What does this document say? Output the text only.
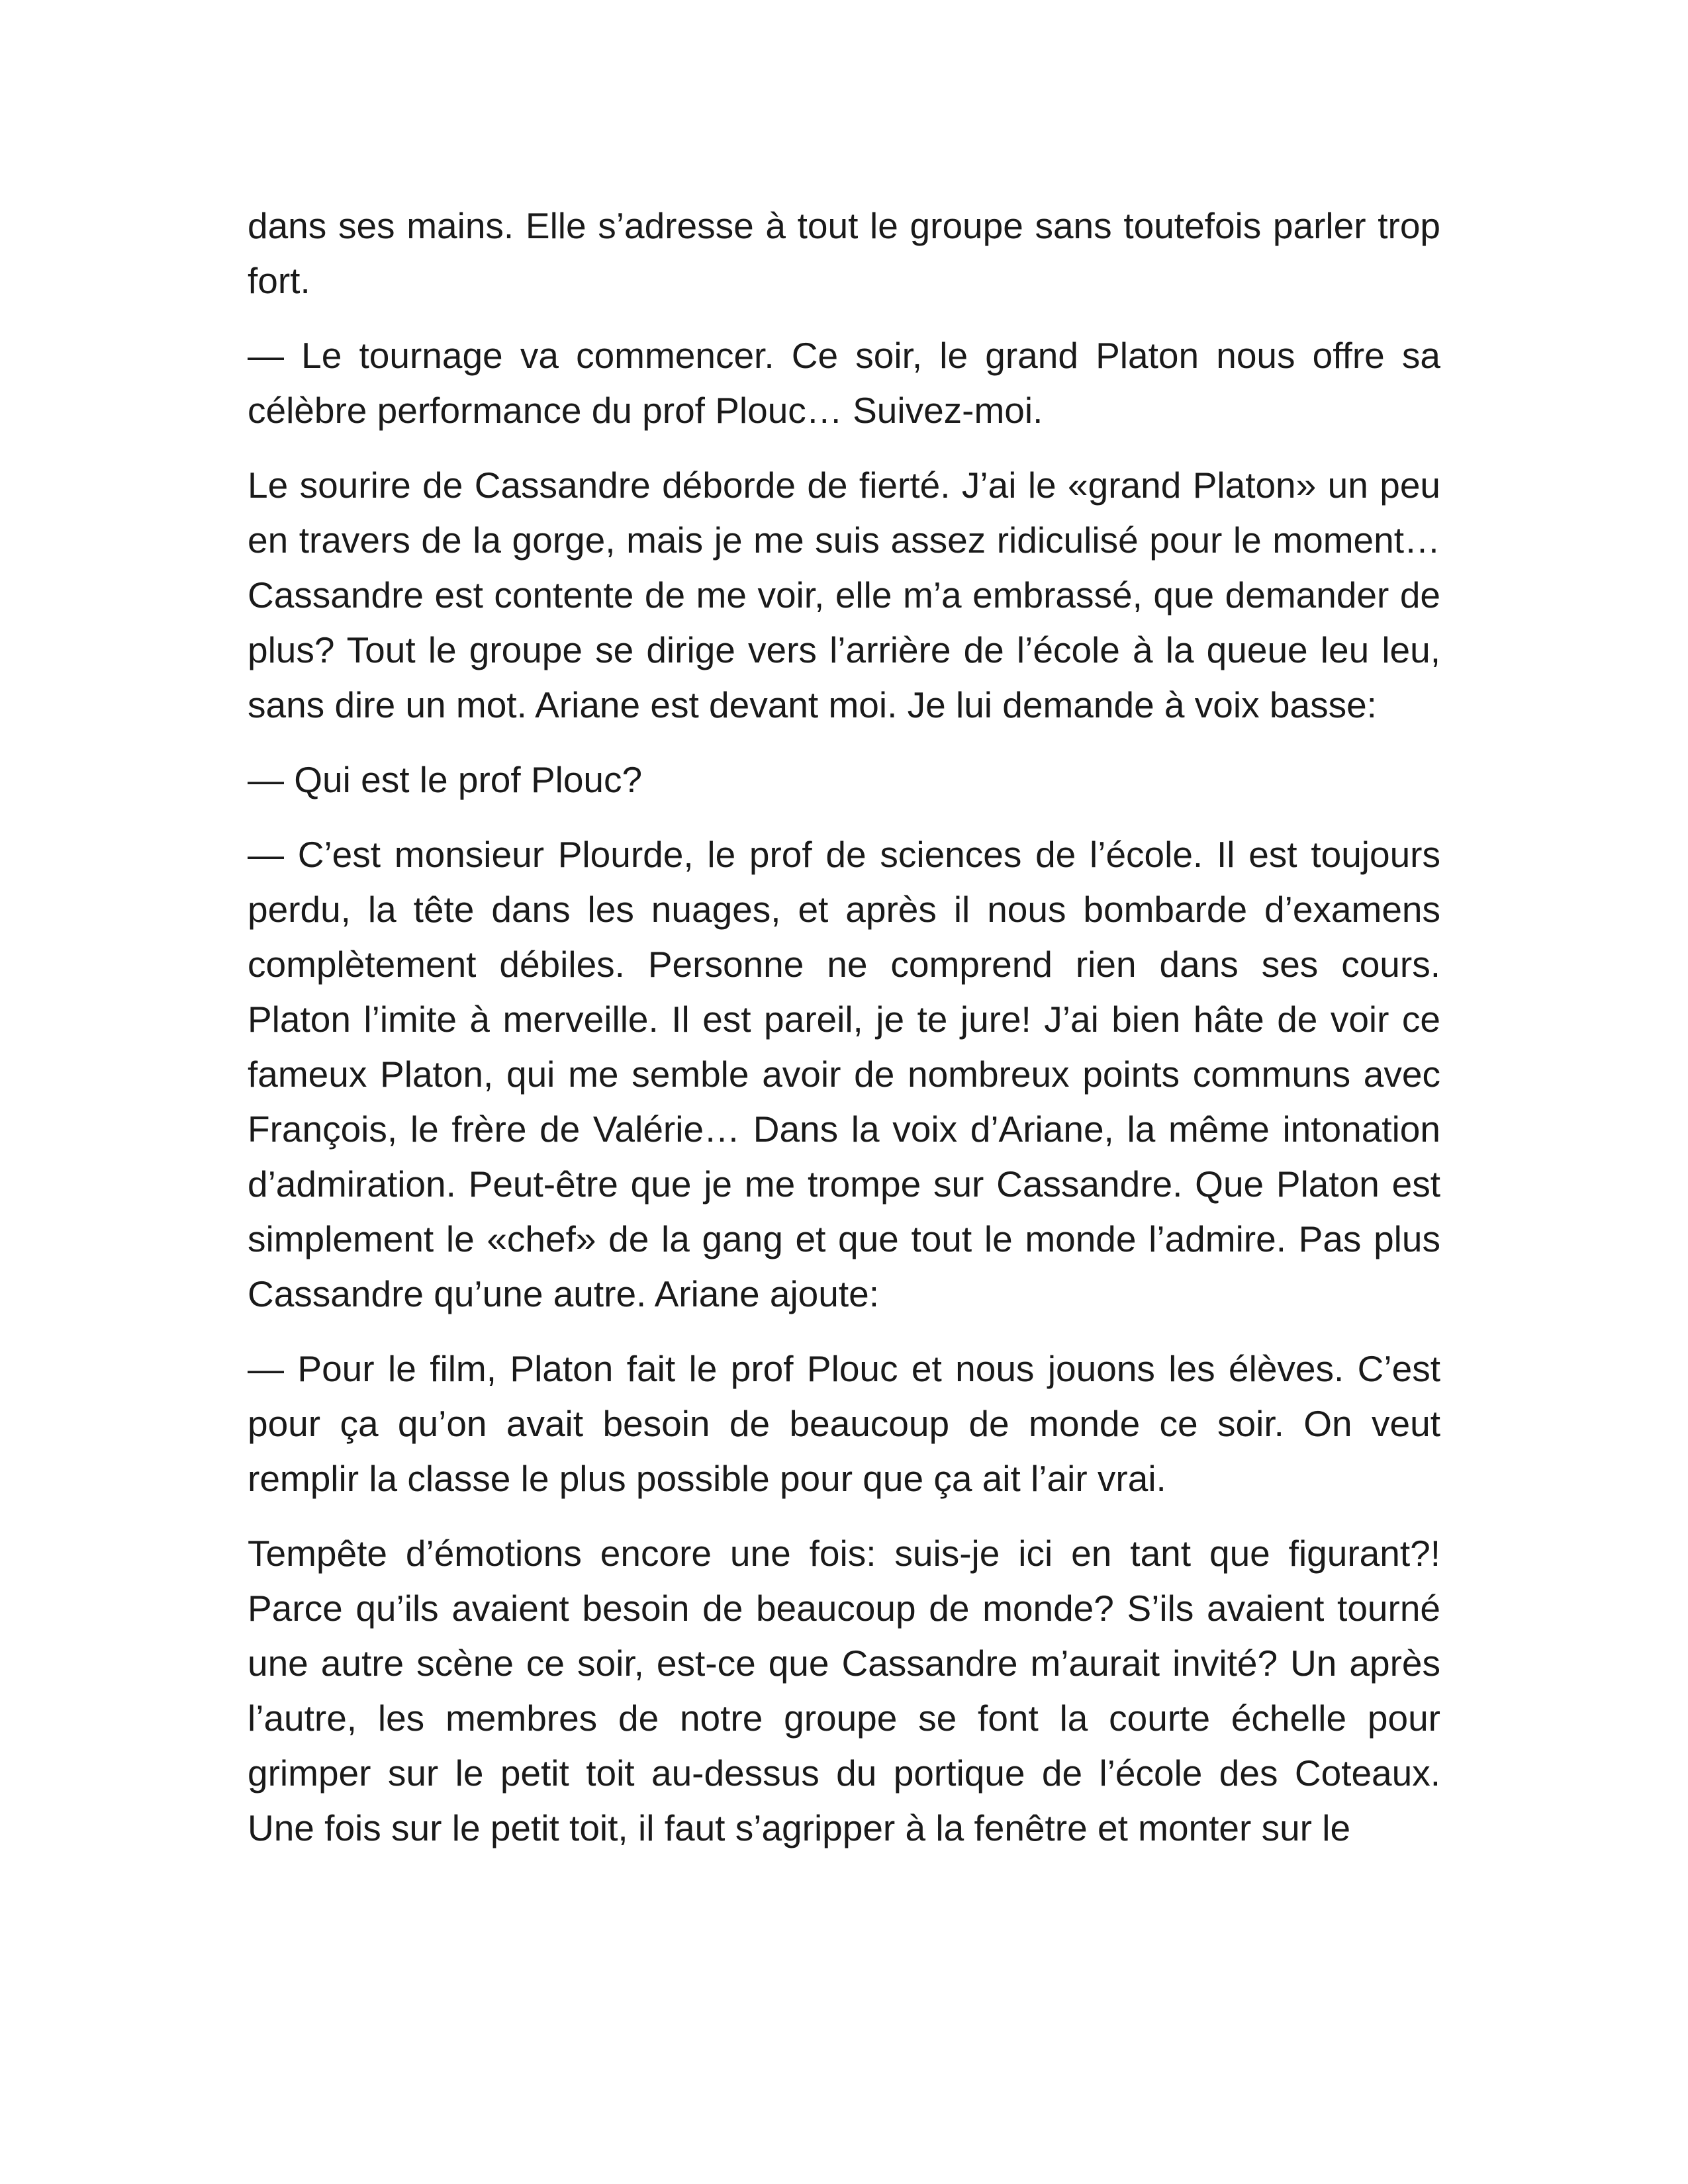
dans ses mains. Elle s’adresse à tout le groupe sans toutefois parler trop fort.

— Le tournage va commencer. Ce soir, le grand Platon nous offre sa célèbre performance du prof Plouc… Suivez-moi.

Le sourire de Cassandre déborde de fierté. J’ai le «grand Platon» un peu en travers de la gorge, mais je me suis assez ridiculisé pour le moment… Cassandre est contente de me voir, elle m’a embrassé, que demander de plus? Tout le groupe se dirige vers l’arrière de l’école à la queue leu leu, sans dire un mot. Ariane est devant moi. Je lui demande à voix basse:

— Qui est le prof Plouc?

— C’est monsieur Plourde, le prof de sciences de l’école. Il est toujours perdu, la tête dans les nuages, et après il nous bombarde d’examens complètement débiles. Personne ne comprend rien dans ses cours. Platon l’imite à merveille. Il est pareil, je te jure! J’ai bien hâte de voir ce fameux Platon, qui me semble avoir de nombreux points communs avec François, le frère de Valérie… Dans la voix d’Ariane, la même intonation d’admiration. Peut-être que je me trompe sur Cassandre. Que Platon est simplement le «chef» de la gang et que tout le monde l’admire. Pas plus Cassandre qu’une autre. Ariane ajoute:

— Pour le film, Platon fait le prof Plouc et nous jouons les élèves. C’est pour ça qu’on avait besoin de beaucoup de monde ce soir. On veut remplir la classe le plus possible pour que ça ait l’air vrai.

Tempête d’émotions encore une fois: suis-je ici en tant que figurant?! Parce qu’ils avaient besoin de beaucoup de monde? S’ils avaient tourné une autre scène ce soir, est-ce que Cassandre m’aurait invité? Un après l’autre, les membres de notre groupe se font la courte échelle pour grimper sur le petit toit au-dessus du portique de l’école des Coteaux. Une fois sur le petit toit, il faut s’agripper à la fenêtre et monter sur le
